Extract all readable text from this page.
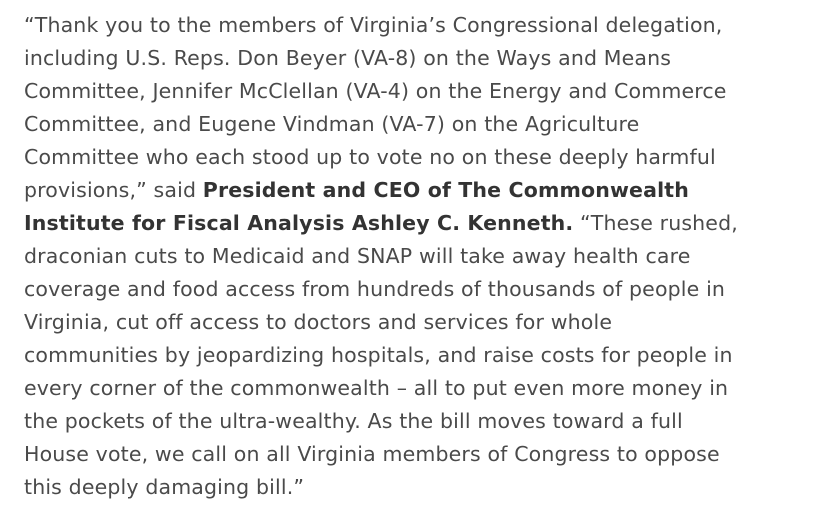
“Thank you to the members of Virginia’s Congressional delegation,
including U.S. Reps. Don Beyer (VA-8) on the Ways and Means
Committee, Jennifer McClellan (VA-4) on the Energy and Commerce
Committee, and Eugene Vindman (VA-7) on the Agriculture
Committee who each stood up to vote no on these deeply harmful
provisions,” said President and CEO of The Commonwealth
Institute for Fiscal Analysis Ashley C. Kenneth. “These rushed,
draconian cuts to Medicaid and SNAP will take away health care
coverage and food access from hundreds of thousands of people in
Virginia, cut off access to doctors and services for whole
communities by jeopardizing hospitals, and raise costs for people in
every corner of the commonwealth – all to put even more money in
the pockets of the ultra-wealthy. As the bill moves toward a full
House vote, we call on all Virginia members of Congress to oppose
this deeply damaging bill.”
